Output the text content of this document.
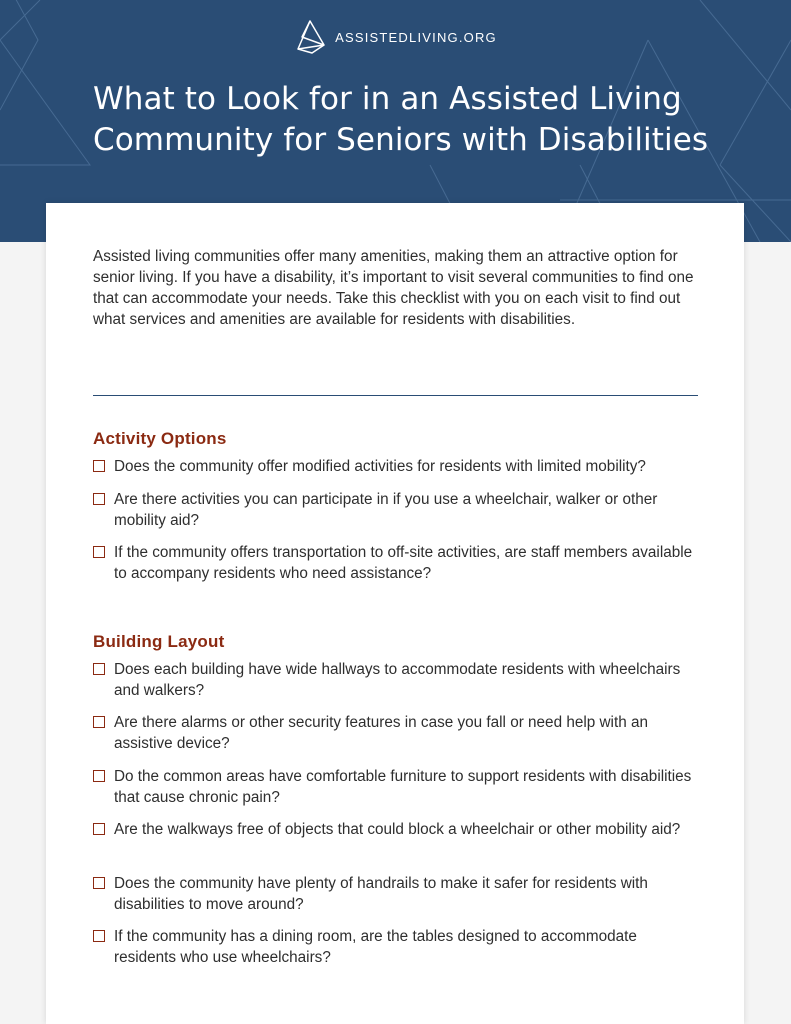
ASSISTEDLIVING.ORG
What to Look for in an Assisted Living
Community for Seniors with Disabilities

Assisted living communities offer many amenities, making them an attractive option for senior living. If you have a disability, it’s important to visit several communities to find one that can accommodate your needs. Take this checklist with you on each visit to find out what services and amenities are available for residents with disabilities.

Activity Options
Does the community offer modified activities for residents with limited mobility?
Are there activities you can participate in if you use a wheelchair, walker or other mobility aid?
If the community offers transportation to off-site activities, are staff members available to accompany residents who need assistance?
Building Layout
Does each building have wide hallways to accommodate residents with wheelchairs and walkers?
Are there alarms or other security features in case you fall or need help with an assistive device?
Do the common areas have comfortable furniture to support residents with disabilities that cause chronic pain?
Are the walkways free of objects that could block a wheelchair or other mobility aid?
Does the community have plenty of handrails to make it safer for residents with disabilities to move around?
If the community has a dining room, are the tables designed to accommodate residents who use wheelchairs?
